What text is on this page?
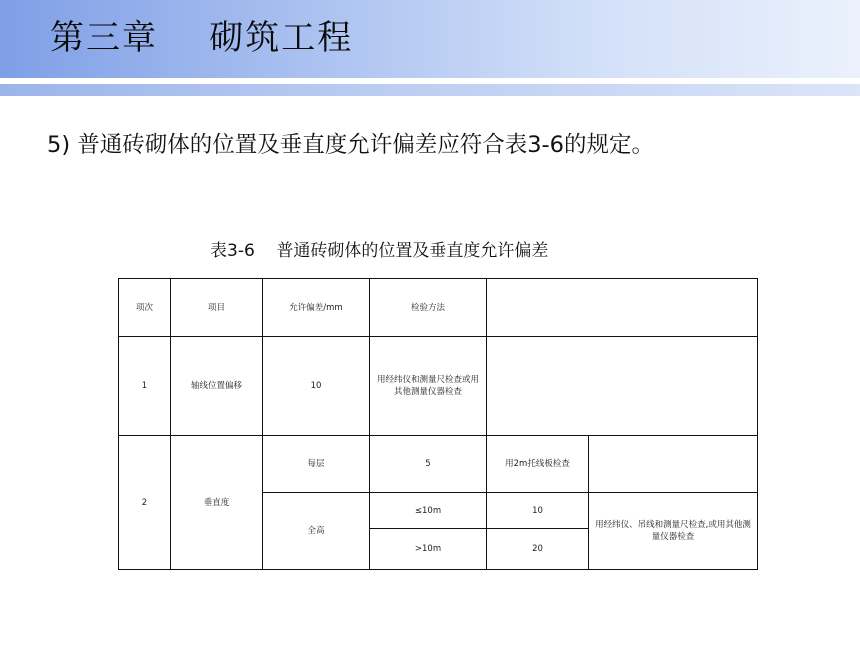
第三章    砌筑工程
5) 普通砖砌体的位置及垂直度允许偏差应符合表3-6的规定。
表3-6    普通砖砌体的位置及垂直度允许偏差
项次	项目	允许偏差/mm	检验方法		
1	轴线位置偏移	10	用经纬仪和测量尺检查或用其他测量仪器检查		
2	垂直度	每层	5	用2m托线板检查	
		全高	≤10m	10	用经纬仪、吊线和测量尺检查,或用其他测量仪器检查
			>10m	20	
